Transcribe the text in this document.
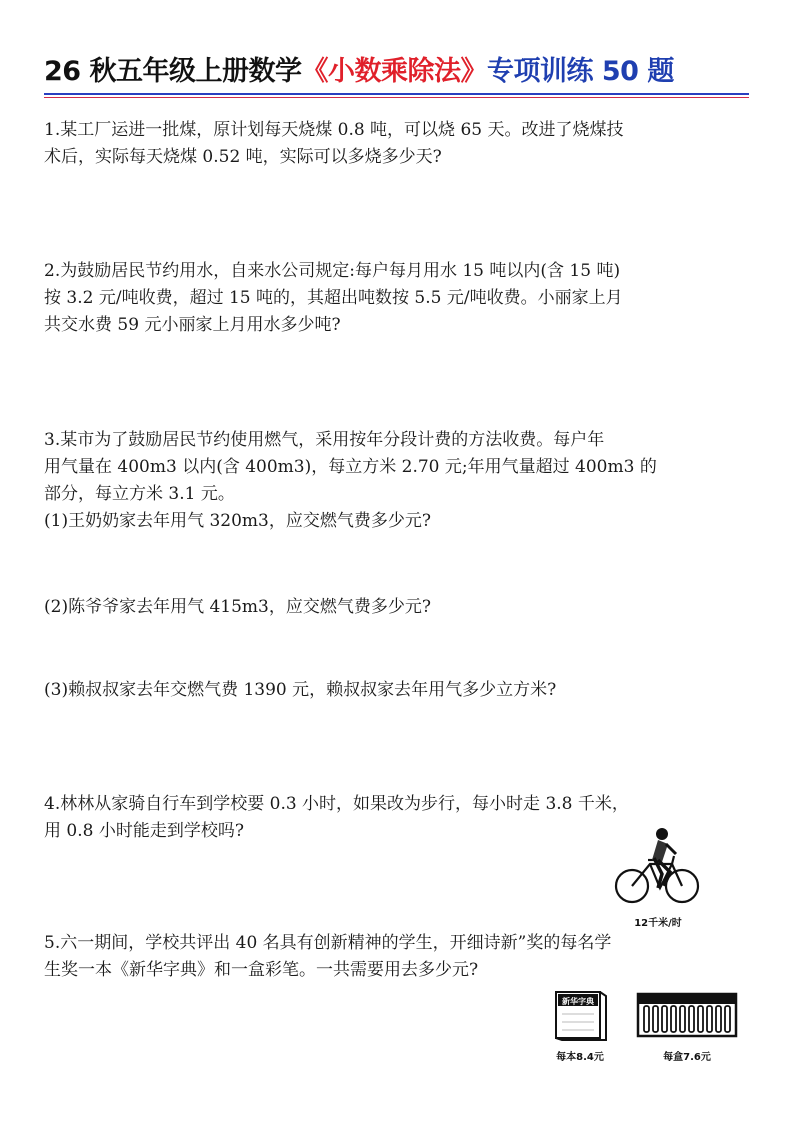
26 秋五年级上册数学《小数乘除法》专项训练 50 题
1.某工厂运进一批煤，原计划每天烧煤 0.8 吨，可以烧 65 天。改进了烧煤技
术后，实际每天烧煤 0.52 吨，实际可以多烧多少天?
2.为鼓励居民节约用水，自来水公司规定:每户每月用水 15 吨以内(含 15 吨)
按 3.2 元/吨收费，超过 15 吨的，其超出吨数按 5.5 元/吨收费。小丽家上月
共交水费 59 元小丽家上月用水多少吨?
3.某市为了鼓励居民节约使用燃气，采用按年分段计费的方法收费。每户年
用气量在 400m3 以内(含 400m3)，每立方米 2.70 元;年用气量超过 400m3 的
部分，每立方米 3.1 元。
(1)王奶奶家去年用气 320m3，应交燃气费多少元?
(2)陈爷爷家去年用气 415m3，应交燃气费多少元?
(3)赖叔叔家去年交燃气费 1390 元，赖叔叔家去年用气多少立方米?
4.林林从家骑自行车到学校要 0.3 小时，如果改为步行，每小时走 3.8 千米，
用 0.8 小时能走到学校吗?
5.六一期间，学校共评出 40 名具有创新精神的学生，开细诗新”奖的每名学
生奖一本《新华字典》和一盒彩笔。一共需要用去多少元?
12千米/时
新华字典
每本8.4元	每盒7.6元
